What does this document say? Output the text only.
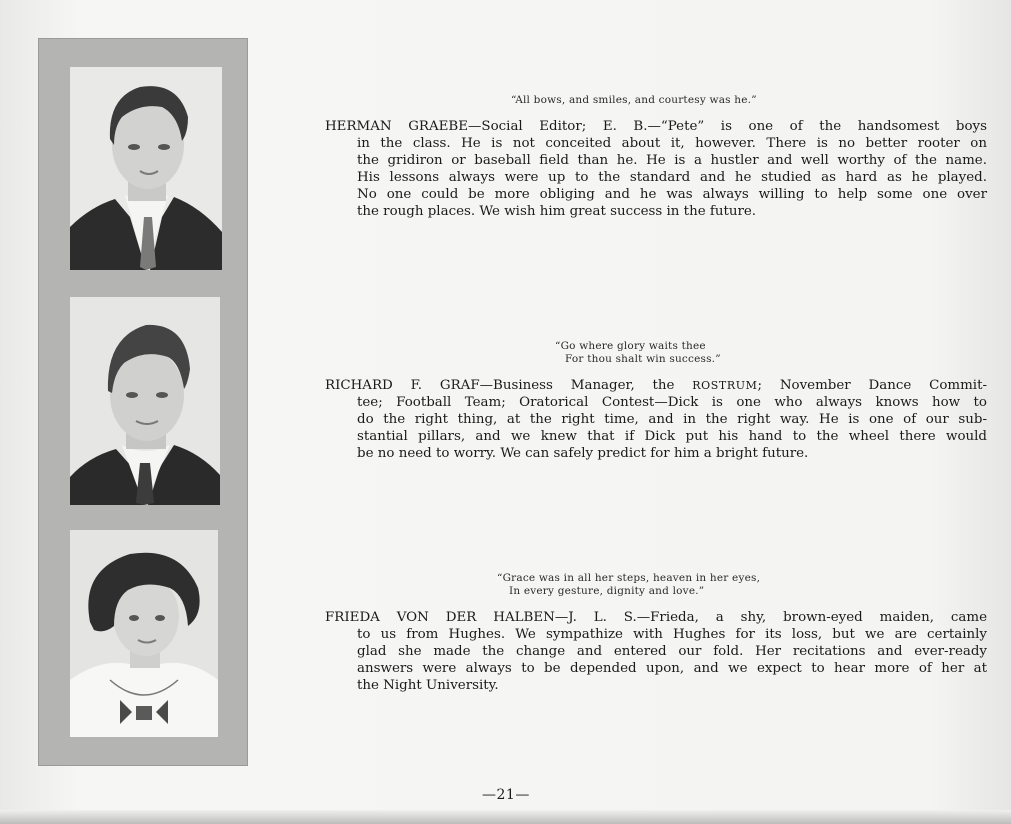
“All bows, and smiles, and courtesy was he.”
HERMAN GRAEBE—Social Editor; E. B.—“Pete” is one of the handsomest boys
in the class. He is not conceited about it, however. There is no better rooter on
the gridiron or baseball field than he. He is a hustler and well worthy of the name.
His lessons always were up to the standard and he studied as hard as he played.
No one could be more obliging and he was always willing to help some one over
the rough places. We wish him great success in the future.
“Go where glory waits thee
For thou shalt win success.”
RICHARD F. GRAF—Business Manager, the ROSTRUM; November Dance Commit-
tee; Football Team; Oratorical Contest—Dick is one who always knows how to
do the right thing, at the right time, and in the right way. He is one of our sub-
stantial pillars, and we knew that if Dick put his hand to the wheel there would
be no need to worry. We can safely predict for him a bright future.
“Grace was in all her steps, heaven in her eyes,
In every gesture, dignity and love.”
FRIEDA VON DER HALBEN—J. L. S.—Frieda, a shy, brown-eyed maiden, came
to us from Hughes. We sympathize with Hughes for its loss, but we are certainly
glad she made the change and entered our fold. Her recitations and ever-ready
answers were always to be depended upon, and we expect to hear more of her at
the Night University.
—21—
